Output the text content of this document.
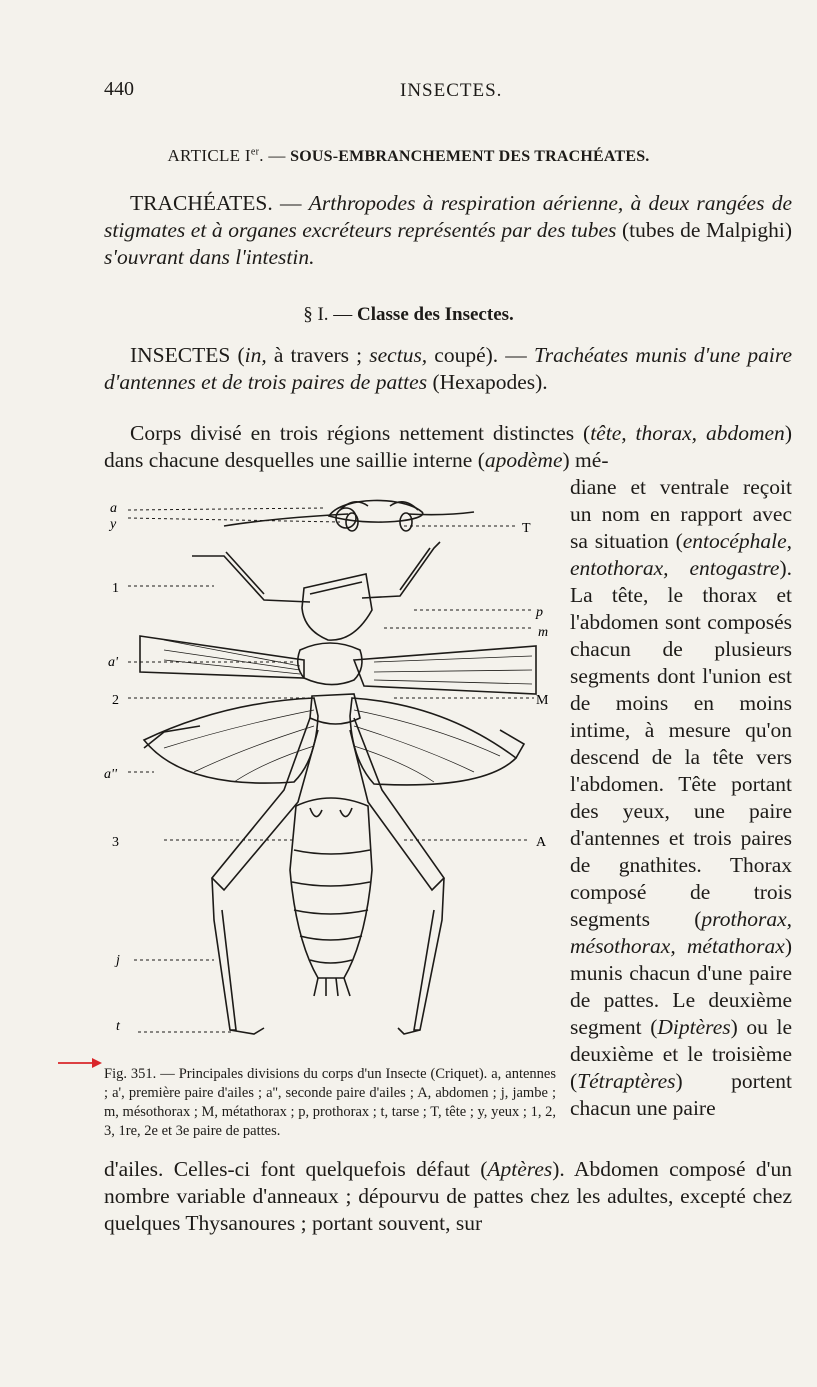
440	INSECTES.
ARTICLE Ier. — SOUS-EMBRANCHEMENT DES TRACHÉATES.

TRACHÉATES. — Arthropodes à respiration aérienne, à deux rangées de stigmates et à organes excréteurs représentés par des tubes (tubes de Malpighi) s'ouvrant dans l'intestin.

§ I. — Classe des Insectes.

INSECTES (in, à travers ; sectus, coupé). — Trachéates munis d'une paire d'antennes et de trois paires de pattes (Hexapodes).

Corps divisé en trois régions nettement distinctes (tête, thorax, abdomen) dans chacune desquelles une saillie interne (apodème) mé-

diane et ventrale reçoit un nom en rapport avec sa situation (entocéphale, entothorax, entogastre). La tête, le thorax et l'abdomen sont composés chacun de plusieurs segments dont l'union est de moins en moins intime, à mesure qu'on descend de la tête vers l'abdomen. Tête portant des yeux, une paire d'antennes et trois paires de gnathites. Thorax composé de trois segments (prothorax, mésothorax, métathorax) munis chacun d'une paire de pattes. Le deuxième segment (Diptères) ou le deuxième et le troisième (Tétraptères) portent chacun une paire

a
y
1
a'
2
a''
3
j
t
T
p
m
M
A

Fig. 351. — Principales divisions du corps d'un Insecte (Criquet). a, antennes ; a', première paire d'ailes ; a'', seconde paire d'ailes ; A, abdomen ; j, jambe ; m, mésothorax ; M, métathorax ; p, prothorax ; t, tarse ; T, tête ; y, yeux ; 1, 2, 3, 1re, 2e et 3e paire de pattes.

d'ailes. Celles-ci font quelquefois défaut (Aptères). Abdomen composé d'un nombre variable d'anneaux ; dépourvu de pattes chez les adultes, excepté chez quelques Thysanoures ; portant souvent, sur
